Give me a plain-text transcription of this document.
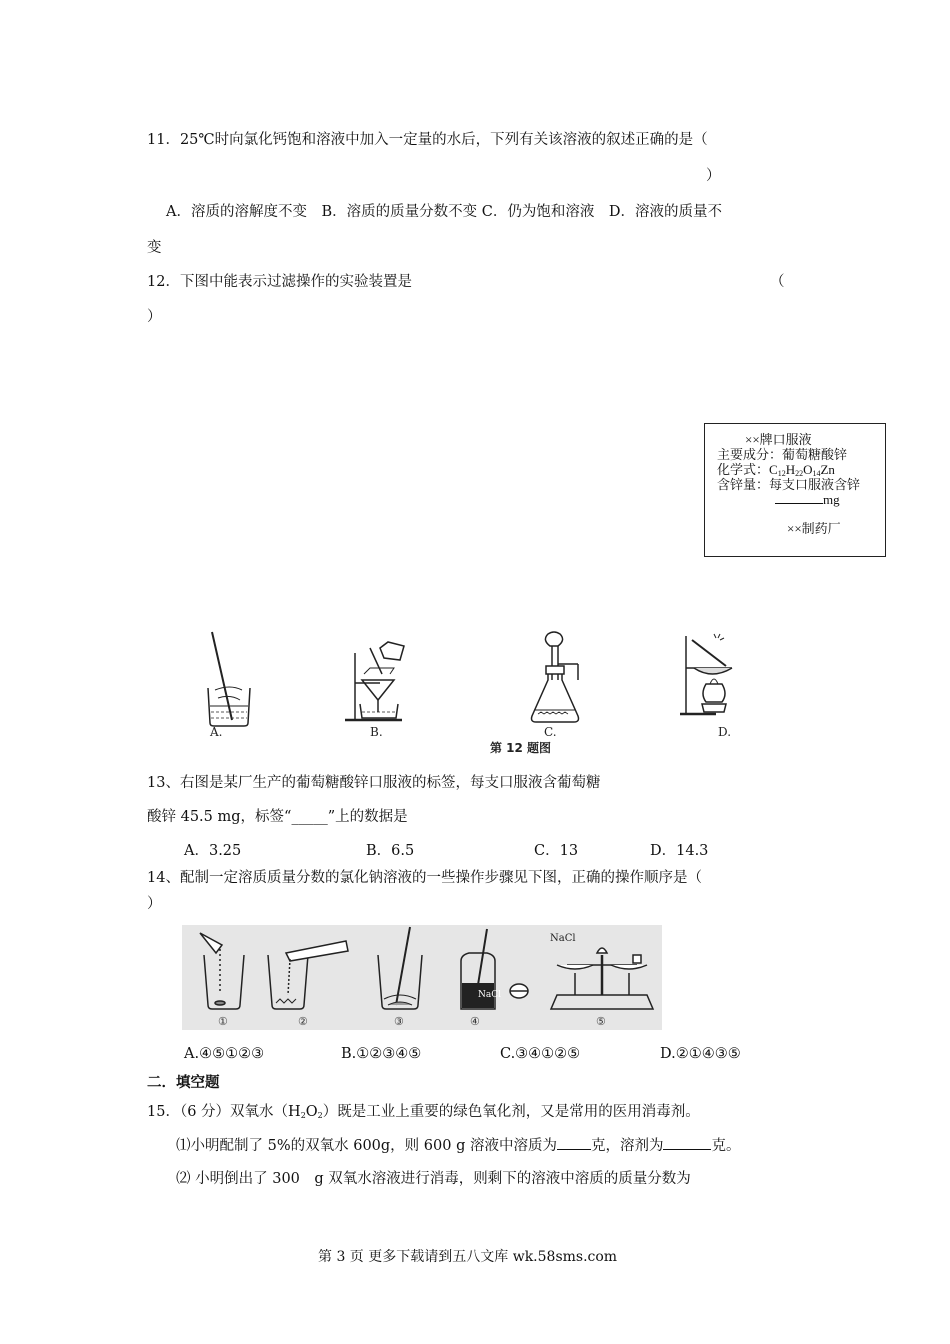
11．25℃时向氯化钙饱和溶液中加入一定量的水后，下列有关该溶液的叙述正确的是（
）
A．溶质的溶解度不变　B．溶质的质量分数不变 C．仍为饱和溶液　D．溶液的质量不
变
12．下图中能表示过滤操作的实验装置是	（
）
××牌口服液
主要成分：葡萄糖酸锌
化学式：$C_{12}H_{22}O_{14}Zn$
含锌量：每支口服液含锌
mg
××制药厂
A.	B.	C.	D.
第 12 题图
13、右图是某厂生产的葡萄糖酸锌口服液的标签，每支口服液含葡萄糖
酸锌 45.5 mg，标签“_____”上的数据是
A．3.25	B．6.5	C．13	D．14.3
14、配制一定溶质质量分数的氯化钠溶液的一些操作步骤见下图，正确的操作顺序是（
）
NaCl
NaCl
①	②	③	④	⑤
A.④⑤①②③	B.①②③④⑤	C.③④①②⑤	D.②①④③⑤
二．填空题
15．（6 分）双氧水$(H_2O_2)$既是工业上重要的绿色氧化剂，又是常用的医用消毒剂。
⑴小明配制了 5%的双氧水 600g，则 600 g 溶液中溶质为 克，溶剂为	克。
⑵ 小明倒出了 300　g 双氧水溶液进行消毒，则剩下的溶液中溶质的质量分数为
第 3 页 更多下载请到五八文库 wk.58sms.com
